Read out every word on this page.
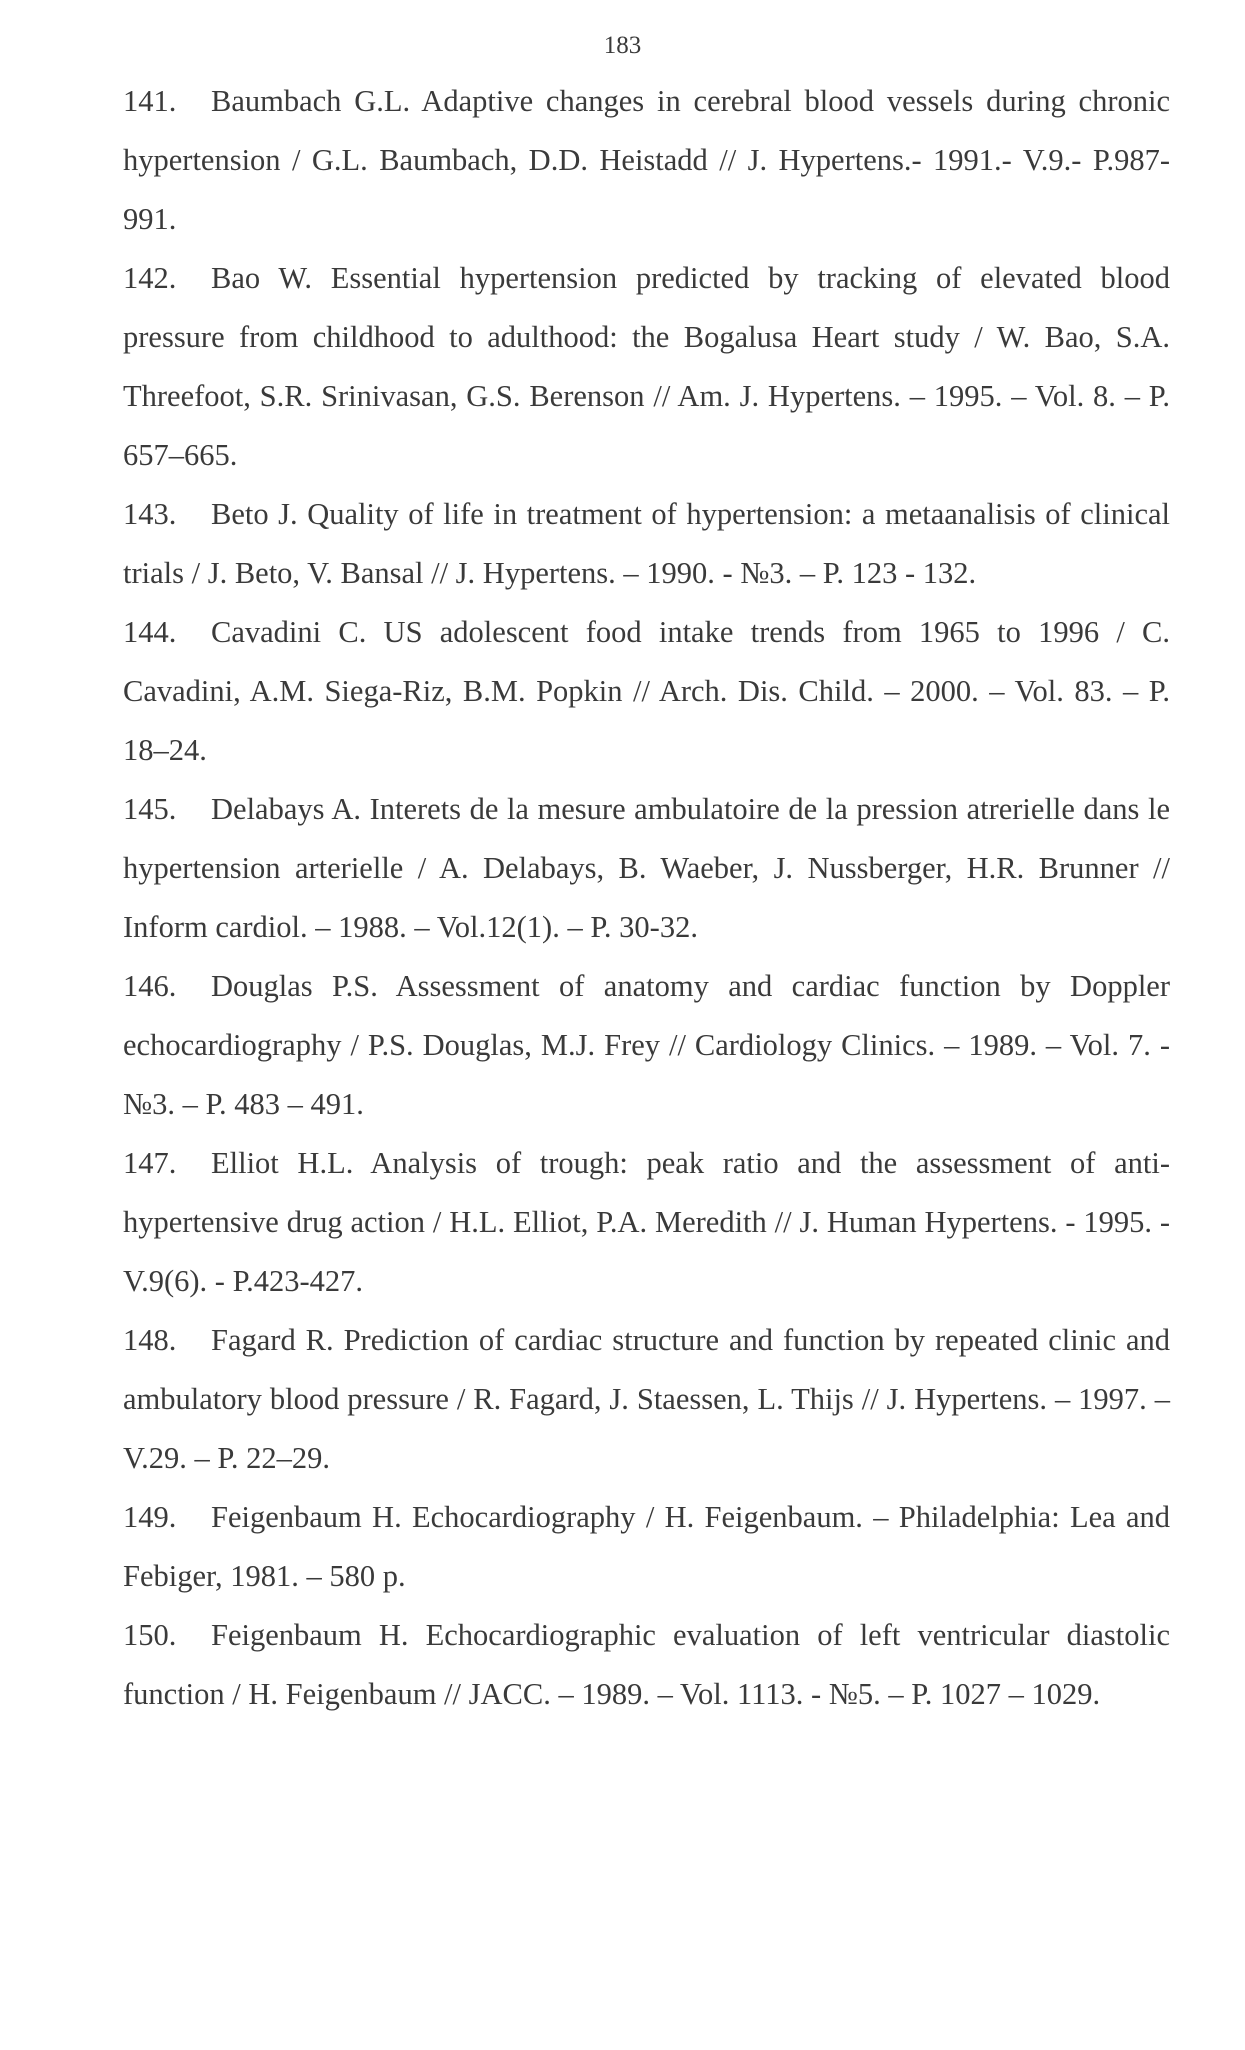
183
141. Baumbach G.L. Adaptive changes in cerebral blood vessels during chronic hypertension / G.L. Baumbach, D.D. Heistadd // J. Hypertens.- 1991.- V.9.- P.987-991.
142. Bao W. Essential hypertension predicted by tracking of elevated blood pressure from childhood to adulthood: the Bogalusa Heart study / W. Bao, S.A. Threefoot, S.R. Srinivasan, G.S. Berenson // Am. J. Hypertens. – 1995. – Vol. 8. – P. 657–665.
143. Beto J. Quality of life in treatment of hypertension: a metaanalisis of clinical trials / J. Beto, V. Bansal // J. Hypertens. – 1990. - №3. – P. 123 - 132.
144. Cavadini C. US adolescent food intake trends from 1965 to 1996 / C. Cavadini, A.M. Siega-Riz, B.M. Popkin // Arch. Dis. Child. – 2000. – Vol. 83. – P. 18–24.
145. Delabays A. Interets de la mesure ambulatoire de la pression atrerielle dans le hypertension arterielle / A. Delabays, B. Waeber, J. Nussberger, H.R. Brunner // Inform cardiol. – 1988. – Vol.12(1). – P. 30-32.
146. Douglas P.S. Assessment of anatomy and cardiac function by Doppler echocardiography / P.S. Douglas, M.J. Frey // Cardiology Clinics. – 1989. – Vol. 7. - №3. – P. 483 – 491.
147. Elliot H.L. Analysis of trough: peak ratio and the assessment of anti-hypertensive drug action / H.L. Elliot, P.A. Meredith // J. Human Hypertens. - 1995. - V.9(6). - P.423-427.
148. Fagard R. Prediction of cardiac structure and function by repeated clinic and ambulatory blood pressure / R. Fagard, J. Staessen, L. Thijs // J. Hypertens. – 1997. – V.29. – P. 22–29.
149. Feigenbaum H. Echocardiography / H. Feigenbaum. – Philadelphia: Lea and Febiger, 1981. – 580 p.
150. Feigenbaum H. Echocardiographic evaluation of left ventricular diastolic function / H. Feigenbaum // JACC. – 1989. – Vol. 1113. - №5. – P. 1027 – 1029.
